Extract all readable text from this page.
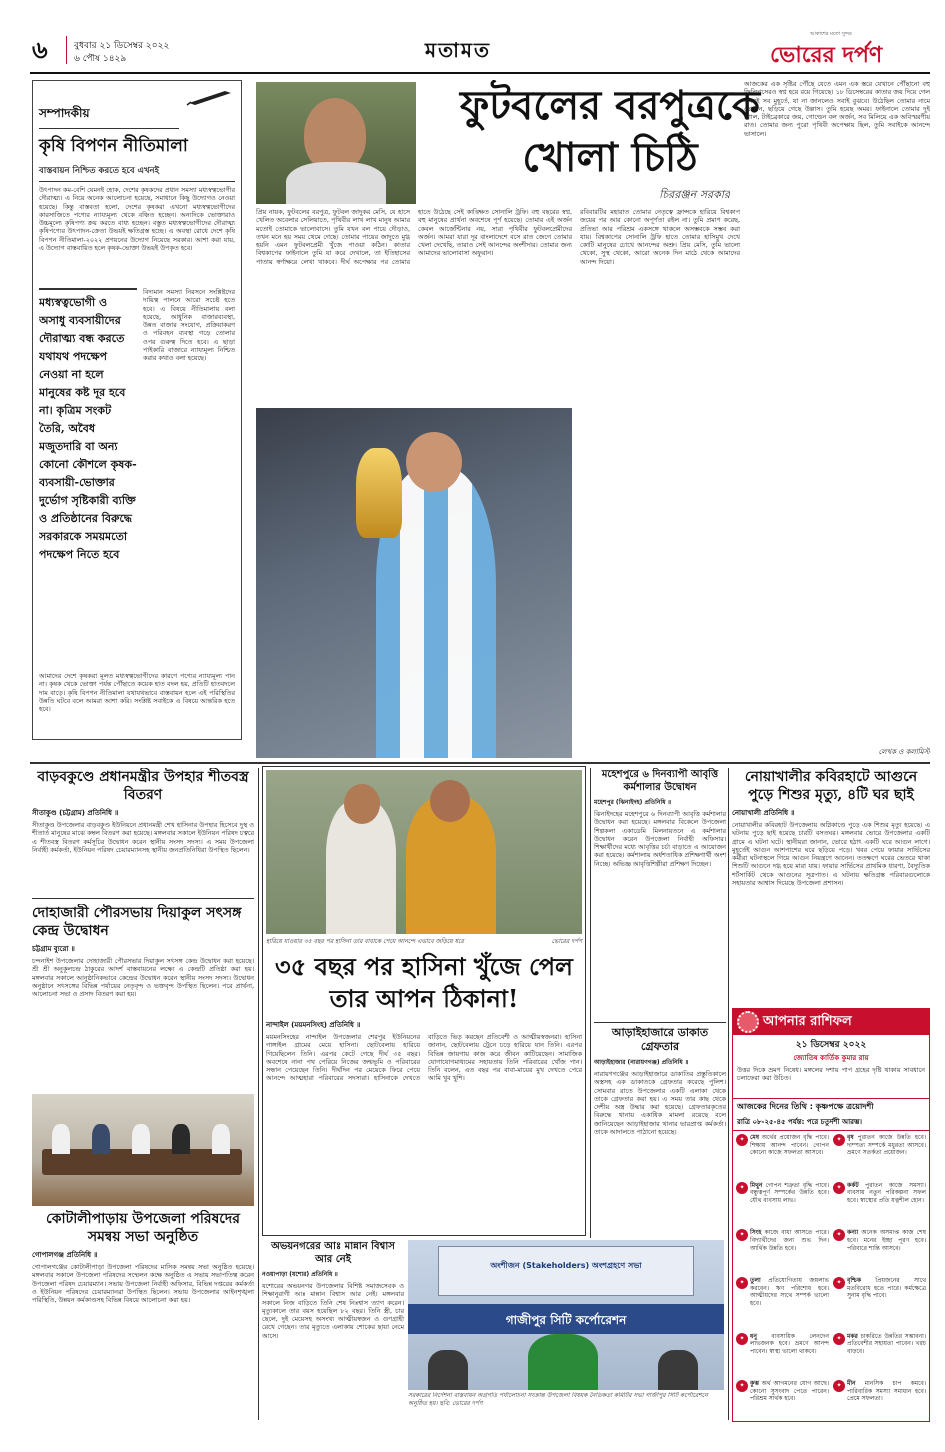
৬	বুধবার ২১ ডিসেম্বর ২০২২
৬ পৌষ ১৪২৯	মতামত
আকাশের মতো সুন্দর
ভোরের দর্পণ
সম্পাদকীয়
কৃষি বিপণন নীতিমালা
বাস্তবায়ন নিশ্চিত করতে হবে এখনই
উৎপাদন কম-বেশি যেমনই হোক, দেশের কৃষকদের প্রধান সমস্যা মধ্যস্বত্বভোগীর দৌরাত্ম্য। এ নিয়ে অনেক আলোচনা হয়েছে, সমাধানে কিছু উদ্যোগও নেওয়া হয়েছে। কিন্তু বাস্তবতা হলো, দেশের কৃষকরা এখনো মধ্যস্বত্বভোগীদের কারসাজিতে পণ্যের ন্যায্যমূল্য থেকে বঞ্চিত হচ্ছেন। অন্যদিকে ভোক্তারাও উচ্চমূল্যে কৃষিপণ্য ক্রয় করতে বাধ্য হচ্ছেন। বস্তুত মধ্যস্বত্বভোগীদের দৌরাত্ম্য কৃষিপণ্যের উৎপাদন-ক্রেতা উভয়ই ক্ষতিগ্রস্ত হচ্ছে। এ অবস্থা রোধে দেশে কৃষি বিপণন নীতিমালা-২০২২ প্রণয়নের উদ্যোগ নিয়েছে সরকার। আশা করা যায়, এ উদ্যোগ বাস্তবায়িত হলে কৃষক-ভোক্তা উভয়ই উপকৃত হবে।
মধ্যস্বত্বভোগী ও অসাধু ব্যবসায়ীদের দৌরাত্ম্য বন্ধ করতে যথাযথ পদক্ষেপ নেওয়া না হলে মানুষের কষ্ট দূর হবে না। কৃত্রিম সংকট তৈরি, অবৈধ মজুতদারি বা অন্য কোনো কৌশলে কৃষক-ব্যবসায়ী-ভোক্তার দুর্ভোগ সৃষ্টিকারী ব্যক্তি ও প্রতিষ্ঠানের বিরুদ্ধে সরকারকে সময়মতো পদক্ষেপ নিতে হবে
বিদ্যমান সমস্যা নিরসনে সংশ্লিষ্টদের দায়িত্ব পালনে আরো সচেষ্ট হতে হবে। এ বিষয়ে নীতিমালায় বলা হয়েছে, আধুনিক বাজারব্যবস্থা, উন্নত বাজার সংযোগ, প্রক্রিয়াকরণ ও পরিবহন ব্যবস্থা গড়ে তোলার ওপর গুরুত্ব দিতে হবে। এ ছাড়া পাইকারি বাজারে ন্যায্যমূল্য নিশ্চিত করার কথাও বলা হয়েছে।
আমাদের দেশে কৃষকরা মূলত মধ্যস্বত্বভোগীদের কারণে পণ্যের ন্যায্যমূল্য পান না। কৃষক থেকে ভোক্তা পর্যন্ত পৌঁছাতে কয়েক হাত বদল হয়, প্রতিটি হাতবদলে দাম বাড়ে। কৃষি বিপণন নীতিমালা যথাযথভাবে বাস্তবায়ন হলে এই পরিস্থিতির উন্নতি ঘটবে বলে আমরা আশা করি। সংশ্লিষ্ট সবাইকে এ বিষয়ে আন্তরিক হতে হবে।
ফুটবলের বরপুত্রকে খোলা চিঠি
চিররঞ্জন সরকার
প্রিয় নায়ক, ফুটবলের বরপুত্র, ফুটবল জাদুকর মেসি, যে হাসে খেলিত অবেলার সেলিয়াতে, পৃথিবীর লাখ লাখ মানুষ আমার মতোই তোমাকে ভালোবাসে। তুমি যখন বল পায়ে দৌড়াও, তখন মনে হয় সময় থেমে গেছে। তোমার পায়ের জাদুতে মুগ্ধ হয়নি এমন ফুটবলপ্রেমী খুঁজে পাওয়া কঠিন। কাতার বিশ্বকাপের ফাইনালে তুমি যা করে দেখালে, তা ইতিহাসের পাতায় স্বর্ণাক্ষরে লেখা থাকবে। দীর্ঘ অপেক্ষার পর তোমার হাতে উঠেছে সেই কাঙ্ক্ষিত সোনালি ট্রফি। বহু বছরের স্বপ্ন, বহু মানুষের প্রার্থনা অবশেষে পূর্ণ হয়েছে। তোমার এই অর্জন কেবল আর্জেন্টিনার নয়, সারা পৃথিবীর ফুটবলপ্রেমীদের অর্জন। আমরা যারা দূর বাংলাদেশে বসে রাত জেগে তোমার খেলা দেখেছি, তারাও সেই আনন্দের অংশীদার। তোমার জন্য আমাদের ভালোবাসা অফুরান।
রবিবারটির মহারাত তোমার নেতৃত্বে ফ্রান্সকে হারিয়ে বিশ্বকাপ জয়ের পর আর কোনো অপূর্ণতা রইল না। তুমি প্রমাণ করেছ, প্রতিভা আর পরিশ্রম একসঙ্গে থাকলে অসম্ভবকে সম্ভব করা যায়। বিশ্বকাপের সোনালি ট্রফি হাতে তোমার হাসিমুখ দেখে কোটি মানুষের চোখে আনন্দের অশ্রু। প্রিয় মেসি, তুমি ভালো থেকো, সুস্থ থেকো, আরো অনেক দিন মাঠে থেকে আমাদের আনন্দ দিয়ো।
আজকের এক সৃষ্টির পৌঁছে যেতে এমন এক স্তরে যেখানে পৌঁছানো বহু ফিলিপসেরও স্বপ্ন হয়ে রয়ে গিয়েছে। ১৮ ডিসেম্বরের কাতার জয় দিয়ে গেল এমনই সব মুহূর্তে, যা না জানলেও সবাই বুঝবে। উঠেছিল তোমার নামে স্লোগান, ছড়িয়ে গেছে উল্লাস। তুমি হয়েছ অমর। ফাইনালে তোমার দুই গোল, টাইব্রেকারে জয়, গোল্ডেন বল অর্জন, সব মিলিয়ে এক অবিস্মরণীয় রাত। তোমার জন্য পুরো পৃথিবী অপেক্ষায় ছিল, তুমি সবাইকে আনন্দে ভাসালে।
লেখক ও কলামিস্ট
বাড়বকুণ্ডে প্রধানমন্ত্রীর উপহার শীতবস্ত্র বিতরণ
সীতাকুণ্ড (চট্টগ্রাম) প্রতিনিধি ॥
সীতাকুণ্ড উপজেলার বাড়বকুণ্ড ইউনিয়নে প্রধানমন্ত্রী শেখ হাসিনার উপহার হিসেবে দুস্থ ও শীতার্ত মানুষের মাঝে কম্বল বিতরণ করা হয়েছে। মঙ্গলবার সকালে ইউনিয়ন পরিষদ চত্বরে এ শীতবস্ত্র বিতরণ কর্মসূচির উদ্বোধন করেন স্থানীয় সংসদ সদস্য। এ সময় উপজেলা নির্বাহী কর্মকর্তা, ইউনিয়ন পরিষদ চেয়ারম্যানসহ স্থানীয় জনপ্রতিনিধিরা উপস্থিত ছিলেন।
দোহাজারী পৌরসভায় দিয়াকুল সৎসঙ্গ কেন্দ্র উদ্বোধন
চট্টগ্রাম ব্যুরো ॥
চন্দনাইশ উপজেলার দোহাজারী পৌরসভার দিয়াকুল সৎসঙ্গ কেন্দ্র উদ্বোধন করা হয়েছে। শ্রী শ্রী অনুকূলচন্দ্র ঠাকুরের আদর্শ বাস্তবায়নের লক্ষ্যে এ কেন্দ্রটি প্রতিষ্ঠা করা হয়। মঙ্গলবার সকালে আনুষ্ঠানিকভাবে কেন্দ্রের উদ্বোধন করেন স্থানীয় সংসদ সদস্য। উদ্বোধন অনুষ্ঠানে সৎসঙ্গের বিভিন্ন পর্যায়ের নেতৃবৃন্দ ও ভক্তবৃন্দ উপস্থিত ছিলেন। পরে প্রার্থনা, আলোচনা সভা ও প্রসাদ বিতরণ করা হয়।
কোটালীপাড়ায় উপজেলা পরিষদের সমন্বয় সভা অনুষ্ঠিত
গোপালগঞ্জ প্রতিনিধি ॥
গোপালগঞ্জের কোটালীপাড়া উপজেলা পরিষদের মাসিক সমন্বয় সভা অনুষ্ঠিত হয়েছে। মঙ্গলবার সকালে উপজেলা পরিষদের সম্মেলন কক্ষে অনুষ্ঠিত এ সভায় সভাপতিত্ব করেন উপজেলা পরিষদ চেয়ারম্যান। সভায় উপজেলা নির্বাহী অফিসার, বিভিন্ন দপ্তরের কর্মকর্তা ও ইউনিয়ন পরিষদের চেয়ারম্যানরা উপস্থিত ছিলেন। সভায় উপজেলার আইনশৃঙ্খলা পরিস্থিতি, উন্নয়ন কর্মকাণ্ডসহ বিভিন্ন বিষয়ে আলোচনা করা হয়।
হারিয়ে যাওয়ার ৩৫ বছর পর হাসিনা তার বাবাকে পেয়ে আনন্দে এভাবে জড়িয়ে ধরে	ভোরের দর্পণ
৩৫ বছর পর হাসিনা খুঁজে পেল তার আপন ঠিকানা!
নান্দাইল (ময়মনসিংহ) প্রতিনিধি ॥
ময়মনসিংহের নান্দাইল উপজেলার শেরপুর ইউনিয়নের গাঙ্গাইল গ্রামের মেয়ে হাসিনা। ছোটবেলায় হারিয়ে গিয়েছিলেন তিনি। এরপর কেটে গেছে দীর্ঘ ৩৫ বছর। অবশেষে নানা পথ পেরিয়ে নিজের জন্মভূমি ও পরিবারের সন্ধান পেয়েছেন তিনি। দীর্ঘদিন পর মেয়েকে ফিরে পেয়ে আনন্দে আত্মহারা পরিবারের সদস্যরা। হাসিনাকে দেখতে বাড়িতে ভিড় করছেন প্রতিবেশী ও আত্মীয়স্বজনরা। হাসিনা জানান, ছোটবেলায় ট্রেনে চড়ে হারিয়ে যান তিনি। এরপর বিভিন্ন জায়গায় কাজ করে জীবন কাটিয়েছেন। সামাজিক যোগাযোগমাধ্যমের সহায়তায় তিনি পরিবারের খোঁজ পান। তিনি বলেন, এত বছর পর বাবা-মায়ের মুখ দেখতে পেরে আমি খুব খুশি।
অভয়নগরের আঃ মান্নান বিশ্বাস আর নেই
নওয়াপাড়া (যশোর) প্রতিনিধি ॥
যশোরের অভয়নগর উপজেলার বিশিষ্ট সমাজসেবক ও শিক্ষানুরাগী আঃ মান্নান বিশ্বাস আর নেই। মঙ্গলবার সকালে নিজ বাড়িতে তিনি শেষ নিঃশ্বাস ত্যাগ করেন। মৃত্যুকালে তার বয়স হয়েছিল ৮২ বছর। তিনি স্ত্রী, চার ছেলে, দুই মেয়েসহ অসংখ্য আত্মীয়স্বজন ও গুণগ্রাহী রেখে গেছেন। তার মৃত্যুতে এলাকায় শোকের ছায়া নেমে আসে।
অংশীজন (Stakeholders) অংশগ্রহণে সভা
গাজীপুর সিটি কর্পোরেশন
সরকারের নির্দেশনা বাস্তবায়ন অগ্রগতি পর্যালোচনা সংক্রান্ত উপজেলা বিষয়ক নৈতিকতা কমিটির সভা গাজীপুর সিটি কর্পোরেশনে অনুষ্ঠিত হয়। ছবি: ভোরের দর্পণ
মহেশপুরে ৬ দিনব্যাপী আবৃত্তি কর্মশালার উদ্বোধন
মহেশপুর (ঝিনাইদহ) প্রতিনিধি ॥
ঝিনাইদহের মহেশপুরে ৬ দিনব্যাপী আবৃত্তি কর্মশালার উদ্বোধন করা হয়েছে। মঙ্গলবার বিকেলে উপজেলা শিল্পকলা একাডেমি মিলনায়তনে এ কর্মশালার উদ্বোধন করেন উপজেলা নির্বাহী অফিসার। শিক্ষার্থীদের মধ্যে আবৃত্তির চর্চা বাড়াতে এ আয়োজন করা হয়েছে। কর্মশালায় অর্ধশতাধিক প্রশিক্ষণার্থী অংশ নিচ্ছে। অভিজ্ঞ আবৃত্তিশিল্পীরা প্রশিক্ষণ দিচ্ছেন।
আড়াইহাজারে ডাকাত গ্রেফতার
আড়াইহাজার (নারায়ণগঞ্জ) প্রতিনিধি ॥
নারায়ণগঞ্জের আড়াইহাজারে ডাকাতির প্রস্তুতিকালে অস্ত্রসহ এক ডাকাতকে গ্রেফতার করেছে পুলিশ। সোমবার রাতে উপজেলার একটি এলাকা থেকে তাকে গ্রেফতার করা হয়। এ সময় তার কাছ থেকে দেশীয় অস্ত্র উদ্ধার করা হয়েছে। গ্রেফতারকৃতের বিরুদ্ধে থানায় একাধিক মামলা রয়েছে বলে জানিয়েছেন আড়াইহাজার থানার ভারপ্রাপ্ত কর্মকর্তা। তাকে আদালতে পাঠানো হয়েছে।
নোয়াখালীর কবিরহাটে আগুনে পুড়ে শিশুর মৃত্যু, ৪টি ঘর ছাই
নোয়াখালী প্রতিনিধি ॥
নোয়াখালীর কবিরহাট উপজেলায় অগ্নিকাণ্ডে পুড়ে এক শিশুর মৃত্যু হয়েছে। এ ঘটনায় পুড়ে ছাই হয়েছে চারটি বসতঘর। মঙ্গলবার ভোরে উপজেলার একটি গ্রামে এ ঘটনা ঘটে। স্থানীয়রা জানান, ভোরে হঠাৎ একটি ঘরে আগুন লাগে। মুহূর্তেই আগুন আশপাশের ঘরে ছড়িয়ে পড়ে। খবর পেয়ে ফায়ার সার্ভিসের কর্মীরা ঘটনাস্থলে গিয়ে আগুন নিয়ন্ত্রণে আনেন। ততক্ষণে ঘরের ভেতরে থাকা শিশুটি আগুনে দগ্ধ হয়ে মারা যায়। ফায়ার সার্ভিসের প্রাথমিক ধারণা, বৈদ্যুতিক শর্টসার্কিট থেকে আগুনের সূত্রপাত। এ ঘটনায় ক্ষতিগ্রস্ত পরিবারগুলোকে সহায়তার আশ্বাস দিয়েছে উপজেলা প্রশাসন।
আপনার রাশিফল
২১ ডিসেম্বর ২০২২
জ্যোতিষ কার্তিক কুমার রায়
উত্তর দিকে ভ্রমণ নিষেধ। মঙ্গলের দশায় পাপ গ্রহের দৃষ্টি থাকায় সাবধানে চলাফেরা করা উচিত।
আজকের দিনের তিথি : কৃষ্ণপক্ষে ত্রয়োদশী
রাত্রি ০৮-২৫-৪৫ পর্যন্ত: পরে চতুর্দশী আরম্ভ।
✦ মেষ অর্থের প্রয়োজন বৃদ্ধি পাবে। শিক্ষায় আনন্দ পাবেন। গোপন কোনো কাজে সফলতা আসবে।
✦ বৃষ পুরাতন কাজে উন্নতি হবে। দাম্পত্য সম্পর্কে মধুরতা আসবে। ভ্রমণে সতর্কতা প্রয়োজন।
✦ মিথুন গোপন শত্রুতা বৃদ্ধি পাবে। বন্ধুত্বপূর্ণ সম্পর্কের উন্নতি হবে। যৌথ ব্যবসায় লাভ।
✦ কর্কট পুরাতন কাজে সমস্যা। ব্যবসায় নতুন পরিকল্পনা সফল হবে। স্বাস্থ্যের প্রতি যত্নশীল হোন।
✦ সিংহ কাজে বাধা আসতে পারে। বিদ্যার্থীদের জন্য শুভ দিন। আর্থিক উন্নতি হবে।
✦ কন্যা অনেক অসমাপ্ত কাজ শেষ হবে। মনের ইচ্ছা পূরণ হবে। পরিবারে শান্তি আসবে।
✦ তুলা প্রতিযোগিতায় জয়লাভ করবেন। ঋণ পরিশোধ হবে। আত্মীয়দের সাথে সম্পর্ক ভালো হবে।
✦ বৃশ্চিক প্রিয়জনের সাথে মতবিরোধ হতে পারে। কর্মক্ষেত্রে সুনাম বৃদ্ধি পাবে।
✦ ধনু ব্যবসায়িক লেনদেন লাভজনক হবে। ভ্রমণে আনন্দ পাবেন। স্বাস্থ্য ভালো থাকবে।
✦ মকর চাকরিতে উন্নতির সম্ভাবনা। প্রতিবেশীর সহায়তা পাবেন। খরচ বাড়বে।
✦ কুম্ভ অর্থ আগমনের যোগ আছে। কোনো সুসংবাদ পেতে পারেন। পরিশ্রম সার্থক হবে।
✦ মীন মানসিক চাপ কমবে। পারিবারিক সমস্যা সমাধান হবে। প্রেমে সফলতা।
